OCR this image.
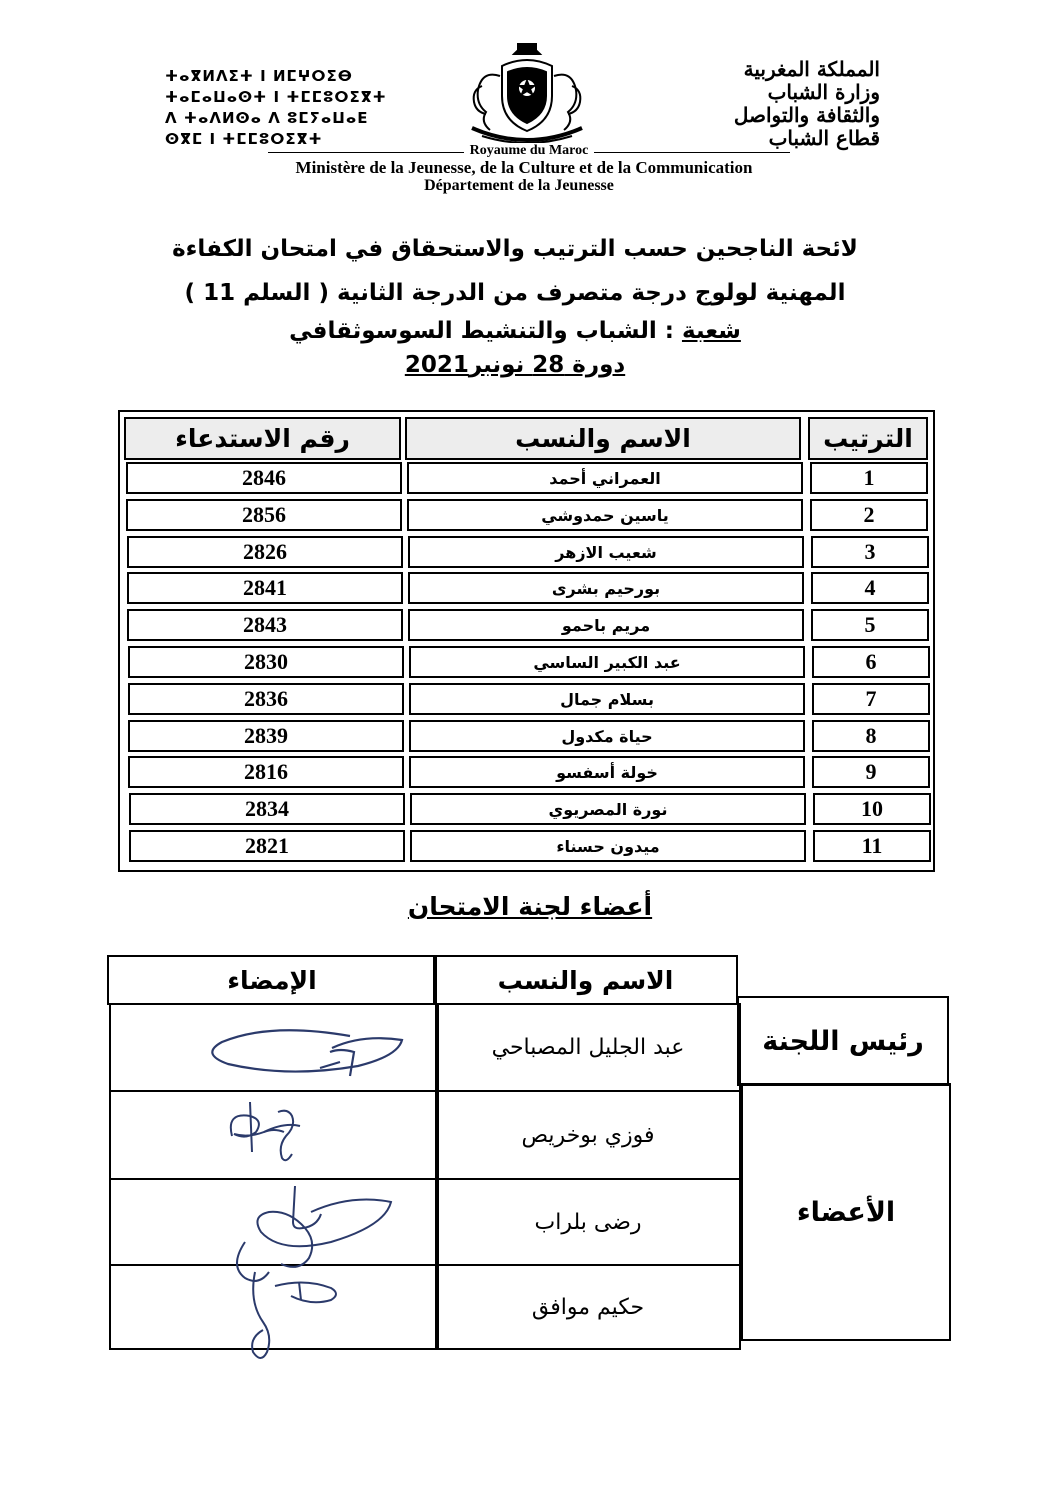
ⵜⴰⴳⵍⴷⵉⵜ ⵏ ⵍⵎⵖⵔⵉⴱ
ⵜⴰⵎⴰⵡⴰⵙⵜ ⵏ ⵜⵎⵎⵓⵔⵉⴳⵜ
ⴷ ⵜⴰⴷⵍⵙⴰ ⴷ ⵓⵎⵢⴰⵡⴰⴹ
ⵙⴳⵎ ⵏ ⵜⵎⵎⵓⵔⵉⴳⵜ
المملكة المغربية
وزارة الشباب
والثقافة والتواصل
قطاع الشباب
Royaume du Maroc
Ministère de la Jeunesse, de la Culture et de la Communication
Département de la Jeunesse
لائحة الناجحين حسب الترتيب والاستحقاق في امتحان الكفاءة
المهنية لولوج درجة متصرف من الدرجة الثانية ( السلم 11 )
شعبة : الشباب والتنشيط السوسوثقافي
دورة 28 نونبر2021
الترتيب
الاسم والنسب
رقم الاستدعاء
1
العمراني أحمد
2846
2
ياسين حمدوشي
2856
3
شعيب الازهر
2826
4
بورحيم بشرى
2841
5
مريم باحمو
2843
6
عبد الكبير الساسي
2830
7
بسلام جمال
2836
8
حياة مكدول
2839
9
خولة أسفسو
2816
10
نورة المصريوي
2834
11
ميدون حسناء
2821
أعضاء لجنة الامتحان
الإمضاء	الاسم والنسب
رئيس اللجنة
الأعضاء
عبد الجليل المصباحي
فوزي بوخريص
رضى بلراب
حكيم موافق
